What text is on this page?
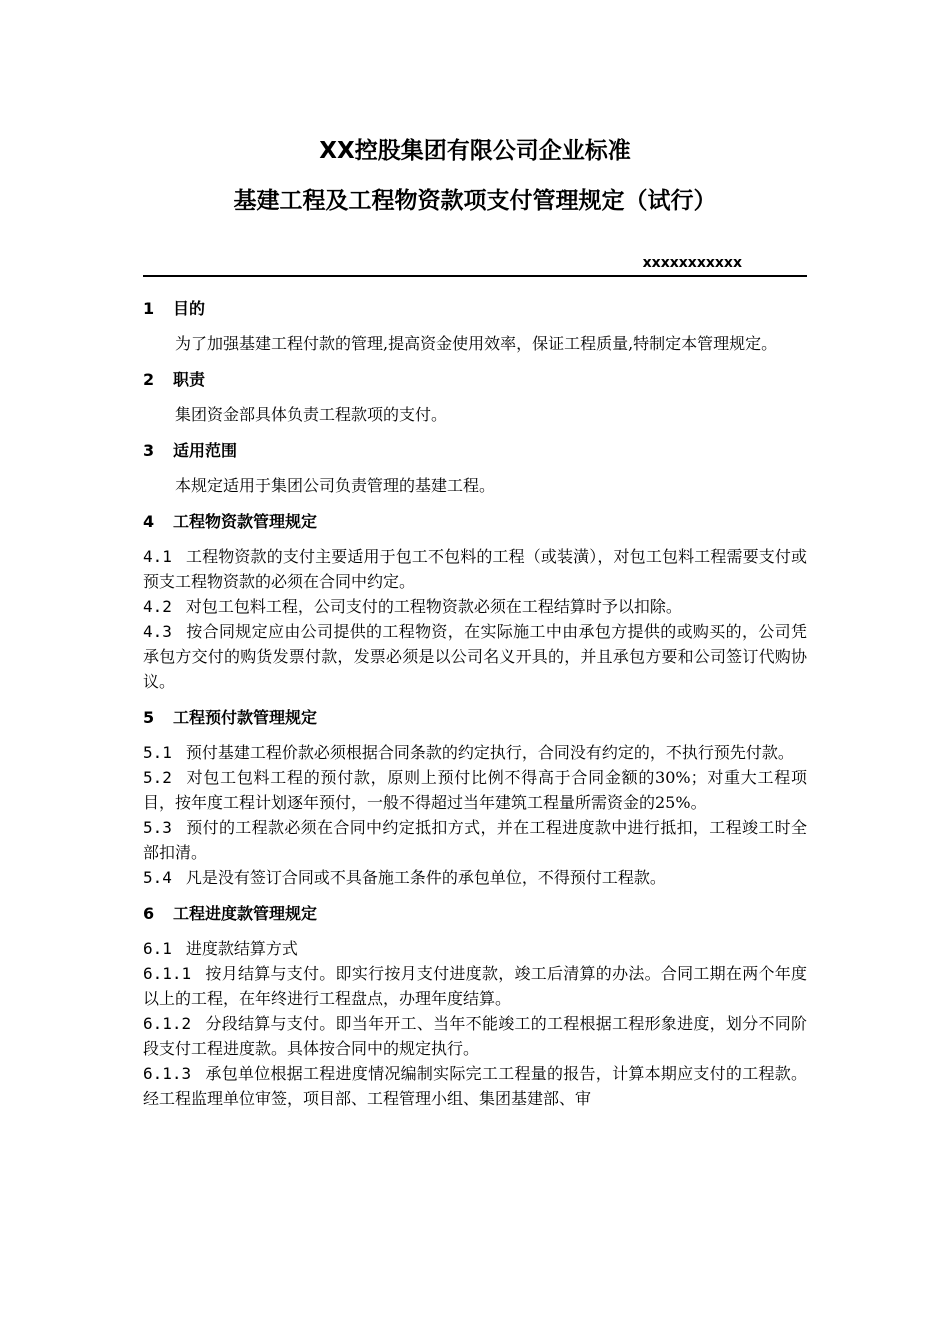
XX控股集团有限公司企业标准
基建工程及工程物资款项支付管理规定（试行）
xxxxxxxxxxx
1 目的

为了加强基建工程付款的管理,提高资金使用效率，保证工程质量,特制定本管理规定。

2 职责

集团资金部具体负责工程款项的支付。

3 适用范围

本规定适用于集团公司负责管理的基建工程。

4 工程物资款管理规定

4.1 工程物资款的支付主要适用于包工不包料的工程（或装潢），对包工包料工程需要支付或预支工程物资款的必须在合同中约定。

4.2 对包工包料工程，公司支付的工程物资款必须在工程结算时予以扣除。

4.3 按合同规定应由公司提供的工程物资，在实际施工中由承包方提供的或购买的，公司凭承包方交付的购货发票付款，发票必须是以公司名义开具的，并且承包方要和公司签订代购协议。

5 工程预付款管理规定

5.1 预付基建工程价款必须根据合同条款的约定执行，合同没有约定的，不执行预先付款。

5.2 对包工包料工程的预付款，原则上预付比例不得高于合同金额的30%；对重大工程项目，按年度工程计划逐年预付，一般不得超过当年建筑工程量所需资金的25%。

5.3 预付的工程款必须在合同中约定抵扣方式，并在工程进度款中进行抵扣，工程竣工时全部扣清。

5.4 凡是没有签订合同或不具备施工条件的承包单位，不得预付工程款。

6 工程进度款管理规定

6.1 进度款结算方式

6.1.1 按月结算与支付。即实行按月支付进度款，竣工后清算的办法。合同工期在两个年度以上的工程，在年终进行工程盘点，办理年度结算。

6.1.2 分段结算与支付。即当年开工、当年不能竣工的工程根据工程形象进度，划分不同阶段支付工程进度款。具体按合同中的规定执行。

6.1.3 承包单位根据工程进度情况编制实际完工工程量的报告，计算本期应支付的工程款。经工程监理单位审签，项目部、工程管理小组、集团基建部、审
